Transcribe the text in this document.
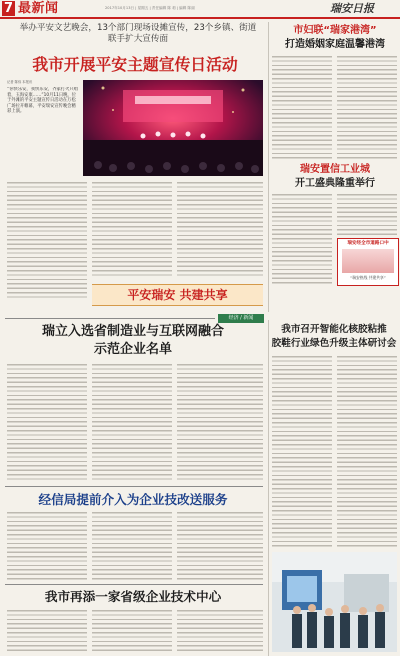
7 最新闻	2017年10月13日 | 星期五 | 责任编辑 陈 莉 | 编辑 陈丽	瑞安日报
举办平安文艺晚会，13个部门现场设摊宣传，23个乡镇、街道联手扩大宣传面
我市开展平安主题宣传日活动
记者 陈伟 本报讯
“你快乐安，我快乐安，齐家打火只唱着，玉海安康……”10月11日晚，位于外滩的平安主题宣传日活动在万松广场拉开帷幕，平安瑞安宣传晚会精彩上演。
平安瑞安 共建共享
经济 / 新闻
市妇联“瑞家港湾”
打造婚姻家庭温馨港湾
瑞安置信工业城
开工盛典隆重举行
瑞安经全市道路口中
“瑞安热线 共建共享”
瑞立入选省制造业与互联网融合
示范企业名单
我市召开智能化核胶粘推
胶鞋行业绿色升级主体研讨会
经信局提前介入为企业技改送服务
我市再添一家省级企业技术中心
